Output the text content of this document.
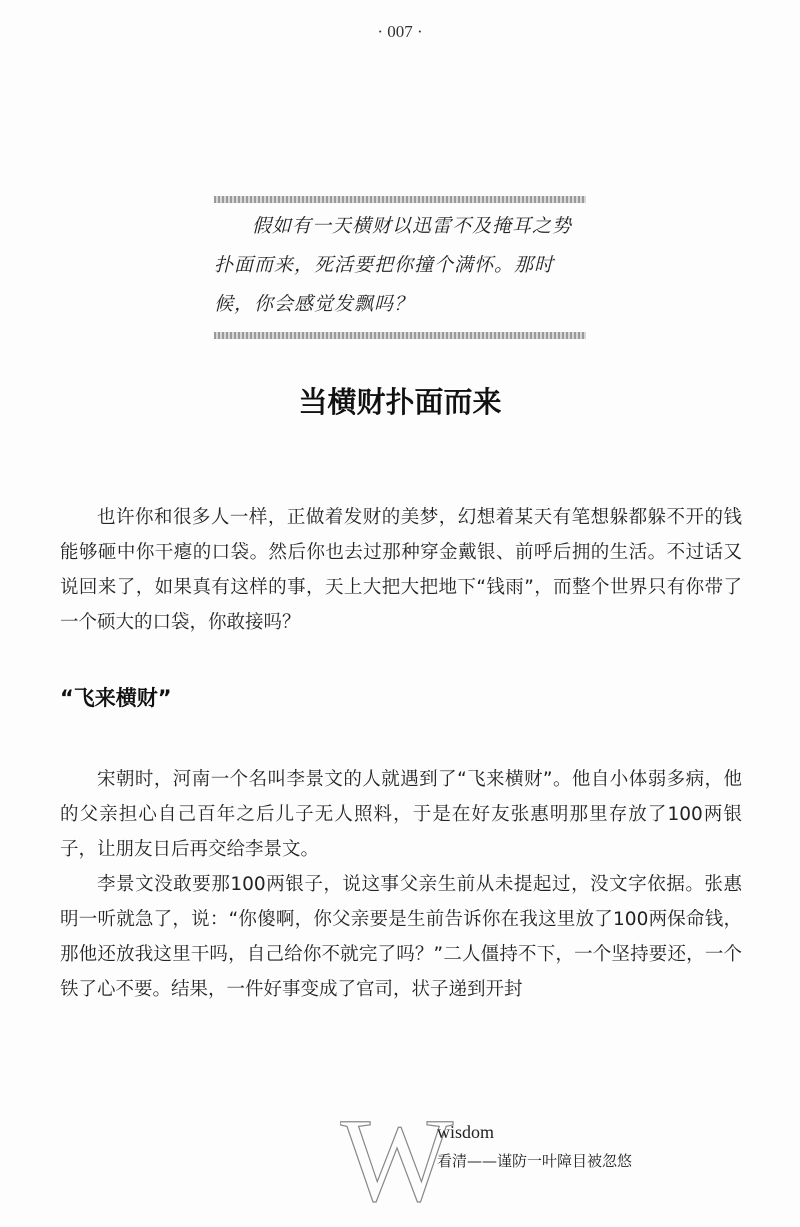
· 007 ·

假如有一天横财以迅雷不及掩耳之势扑面而来，死活要把你撞个满怀。那时候，你会感觉发飘吗？

当横财扑面而来

也许你和很多人一样，正做着发财的美梦，幻想着某天有笔想躲都躲不开的钱能够砸中你干瘪的口袋。然后你也去过那种穿金戴银、前呼后拥的生活。不过话又说回来了，如果真有这样的事，天上大把大把地下“钱雨”，而整个世界只有你带了一个硕大的口袋，你敢接吗？

“飞来横财”

宋朝时，河南一个名叫李景文的人就遇到了“飞来横财”。他自小体弱多病，他的父亲担心自己百年之后儿子无人照料，于是在好友张惠明那里存放了100两银子，让朋友日后再交给李景文。

李景文没敢要那100两银子，说这事父亲生前从未提起过，没文字依据。张惠明一听就急了，说：“你傻啊，你父亲要是生前告诉你在我这里放了100两保命钱，那他还放我这里干吗，自己给你不就完了吗？”二人僵持不下，一个坚持要还，一个铁了心不要。结果，一件好事变成了官司，状子递到开封

W
wisdom
看清——谨防一叶障目被忽悠
